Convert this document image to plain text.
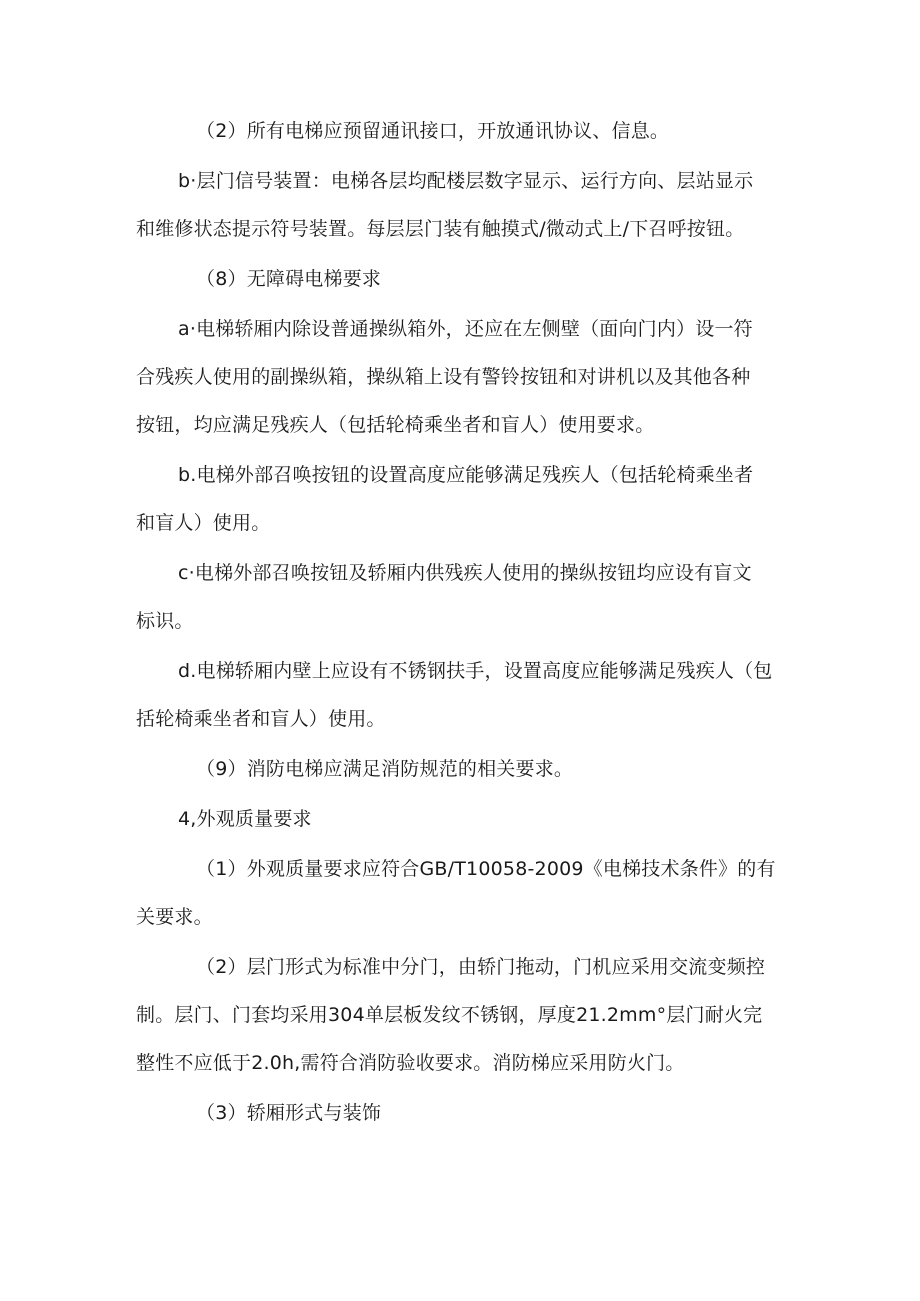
（2）所有电梯应预留通讯接口，开放通讯协议、信息。
b·层门信号装置：电梯各层均配楼层数字显示、运行方向、层站显示
和维修状态提示符号装置。每层层门装有触摸式/微动式上/下召呼按钮。
（8）无障碍电梯要求
a·电梯轿厢内除设普通操纵箱外，还应在左侧壁（面向门内）设一符
合残疾人使用的副操纵箱，操纵箱上设有警铃按钮和对讲机以及其他各种
按钮，均应满足残疾人（包括轮椅乘坐者和盲人）使用要求。
b.电梯外部召唤按钮的设置高度应能够满足残疾人（包括轮椅乘坐者
和盲人）使用。
c·电梯外部召唤按钮及轿厢内供残疾人使用的操纵按钮均应设有盲文
标识。
d.电梯轿厢内壁上应设有不锈钢扶手，设置高度应能够满足残疾人（包
括轮椅乘坐者和盲人）使用。
（9）消防电梯应满足消防规范的相关要求。
4,外观质量要求
（1）外观质量要求应符合GB/T10058-2009《电梯技术条件》的有
关要求。
（2）层门形式为标准中分门，由轿门拖动，门机应采用交流变频控
制。层门、门套均采用304单层板发纹不锈钢，厚度21.2mm°层门耐火完
整性不应低于2.0h,需符合消防验收要求。消防梯应采用防火门。
（3）轿厢形式与装饰
